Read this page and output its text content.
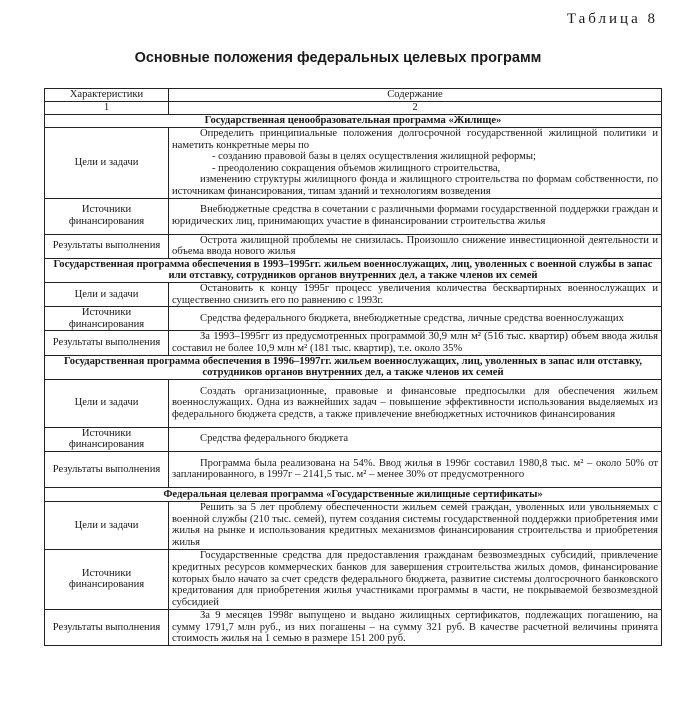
Таблица 8
Основные положения федеральных целевых программ
Характеристики	Содержание
1	2
Государственная ценообразовательная программа «Жилище»	
Цели и задачи	Определить принципиальные положения долгосрочной государственной жилищной политики и наметить конкретные меры по
- созданию правовой базы в целях осуществления жилищной реформы;
- преодолению сокращения объемов жилищного строительства,
изменению структуры жилищного фонда и жилищного строительства по формам собственности, по источникам финансирования, типам зданий и технологиям возведения

Источники финансирования	Внебюджетные средства в сочетании с различными формами государственной поддержки граждан и юридических лиц, принимающих участие в финансировании строительства жилья

Результаты выполнения	Острота жилищной проблемы не снизилась. Произошло снижение инвестиционной деятельности и объема ввода нового жилья

Государственная программа обеспечения в 1993–1995гг. жильем военнослужащих, лиц, уволенных с военной службы в запас или отставку, сотрудников органов внутренних дел, а также членов их семей	
Цели и задачи	Остановить к концу 1995г процесс увеличения количества бесквартирных военнослужащих и существенно снизить его по равнению с 1993г.

Источники финансирования	Средства федерального бюджета, внебюджетные средства, личные средства военнослужащих

Результаты выполнения	За 1993–1995гг из предусмотренных программой 30,9 млн м² (516 тыс. квартир) объем ввода жилья составил не более 10,9 млн м² (181 тыс. квартир), т.е. около 35%

Государственная программа обеспечения в 1996–1997гг. жильем военнослужащих, лиц, уволенных в запас или отставку, сотрудников органов внутренних дел, а также членов их семей	
Цели и задачи	Создать организационные, правовые и финансовые предпосылки для обеспечения жильем военнослужащих. Одна из важнейших задач – повышение эффективности использования выделяемых из федерального бюджета средств, а также привлечение внебюджетных источников финансирования

Источники финансирования	Средства федерального бюджета

Результаты выполнения	Программа была реализована на 54%. Ввод жилья в 1996г составил 1980,8 тыс. м² – около 50% от запланированного, в 1997г – 2141,5 тыс. м² – менее 30% от предусмотренного

Федеральная целевая программа «Государственные жилищные сертификаты»	
Цели и задачи	Решить за 5 лет проблему обеспеченности жильем семей граждан, уволенных или увольняемых с военной службы (210 тыс. семей), путем создания системы государственной поддержки приобретения ими жилья на рынке и использования кредитных механизмов финансирования строительства и приобретения жилья

Источники финансирования	Государственные средства для предоставления гражданам безвозмездных субсидий, привлечение кредитных ресурсов коммерческих банков для завершения строительства жилых домов, финансирование которых было начато за счет средств федерального бюджета, развитие системы долгосрочного банковского кредитования для приобретения жилья участниками программы в части, не покрываемой безвозмездной субсидией

Результаты выполнения	За 9 месяцев 1998г выпущено и выдано жилищных сертификатов, подлежащих погашению, на сумму 1791,7 млн руб., из них погашены – на сумму 321 руб. В качестве расчетной величины принята стоимость жилья на 1 семью в размере 151 200 руб.
